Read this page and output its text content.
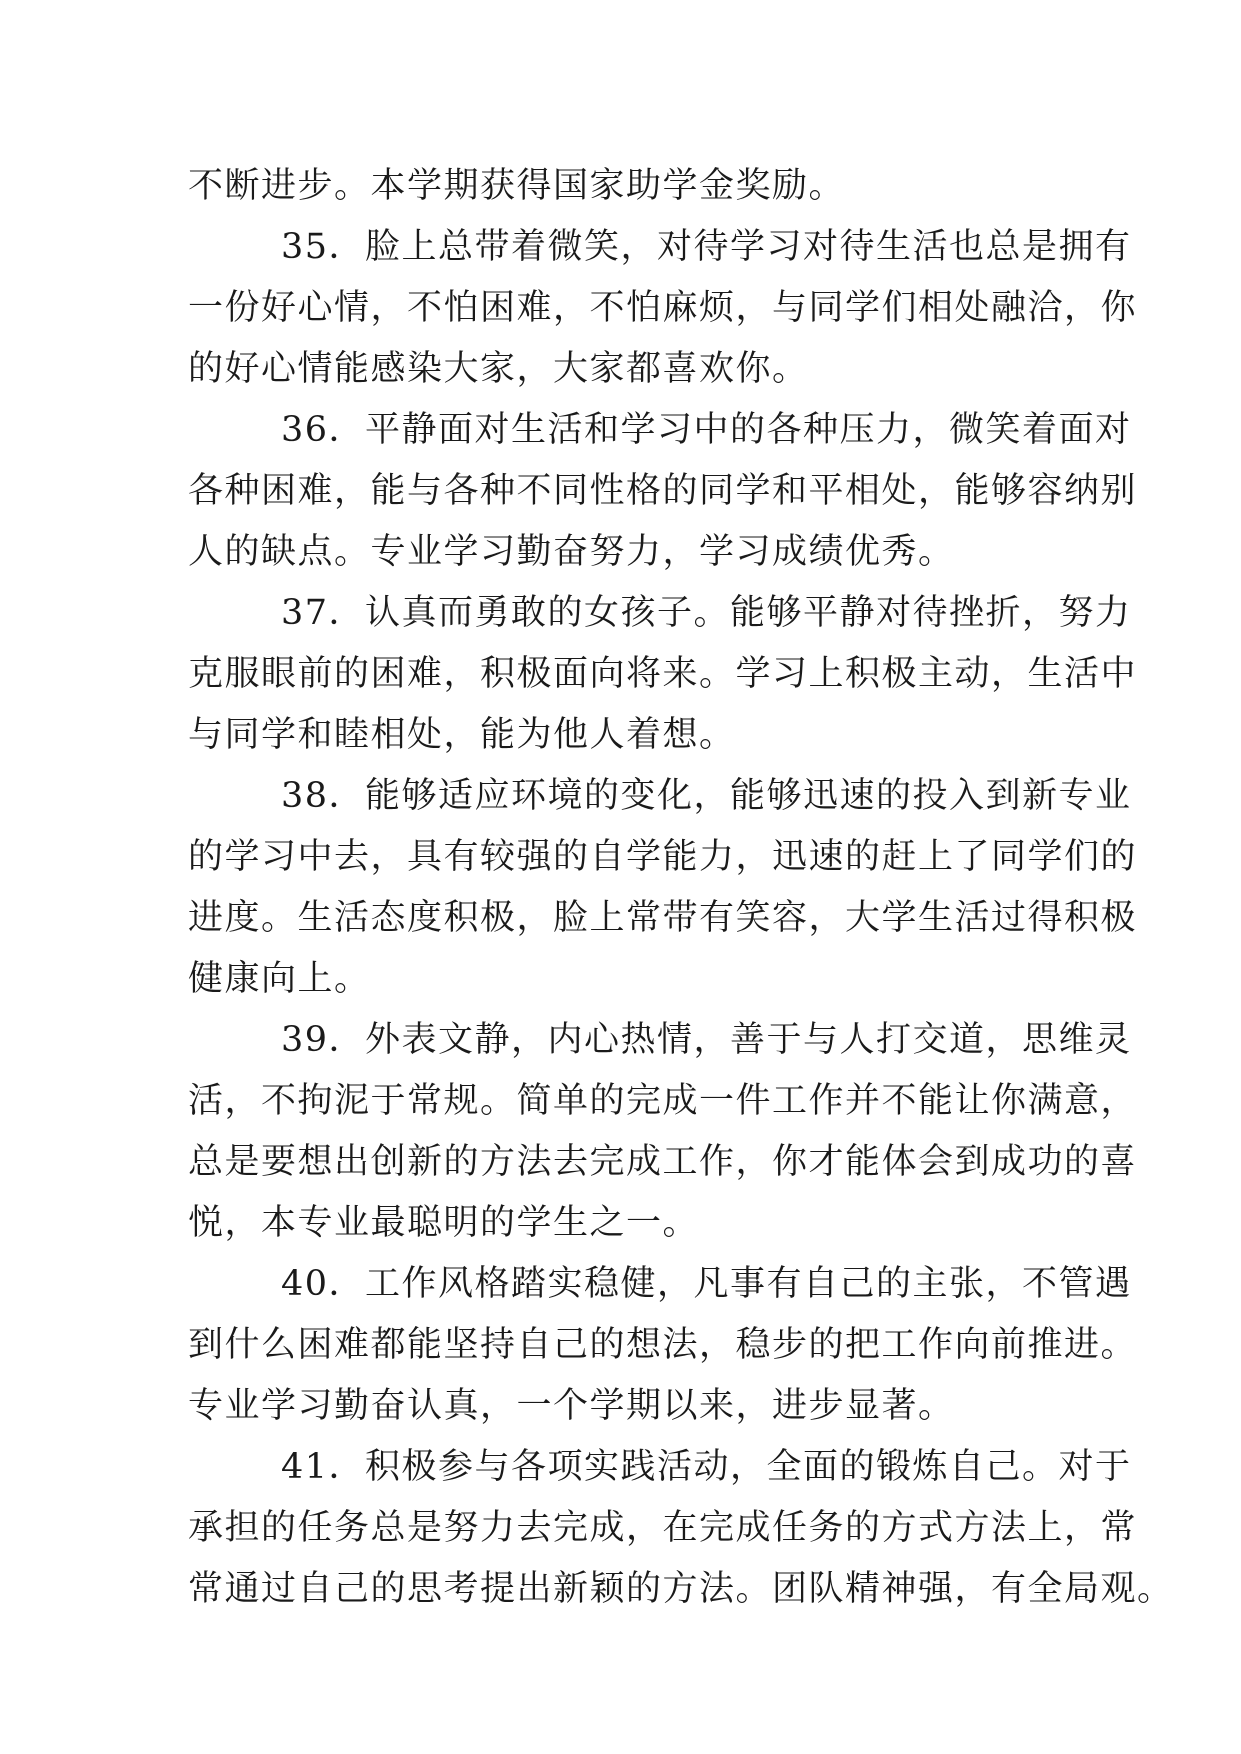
不断进步。本学期获得国家助学金奖励。
35．脸上总带着微笑，对待学习对待生活也总是拥有
一份好心情，不怕困难，不怕麻烦，与同学们相处融洽，你
的好心情能感染大家，大家都喜欢你。
36．平静面对生活和学习中的各种压力，微笑着面对
各种困难，能与各种不同性格的同学和平相处，能够容纳别
人的缺点。专业学习勤奋努力，学习成绩优秀。
37．认真而勇敢的女孩子。能够平静对待挫折，努力
克服眼前的困难，积极面向将来。学习上积极主动，生活中
与同学和睦相处，能为他人着想。
38．能够适应环境的变化，能够迅速的投入到新专业
的学习中去，具有较强的自学能力，迅速的赶上了同学们的
进度。生活态度积极，脸上常带有笑容，大学生活过得积极
健康向上。
39．外表文静，内心热情，善于与人打交道，思维灵
活，不拘泥于常规。简单的完成一件工作并不能让你满意，
总是要想出创新的方法去完成工作，你才能体会到成功的喜
悦，本专业最聪明的学生之一。
40．工作风格踏实稳健，凡事有自己的主张，不管遇
到什么困难都能坚持自己的想法，稳步的把工作向前推进。
专业学习勤奋认真，一个学期以来，进步显著。
41．积极参与各项实践活动，全面的锻炼自己。对于
承担的任务总是努力去完成，在完成任务的方式方法上，常
常通过自己的思考提出新颖的方法。团队精神强，有全局观。
